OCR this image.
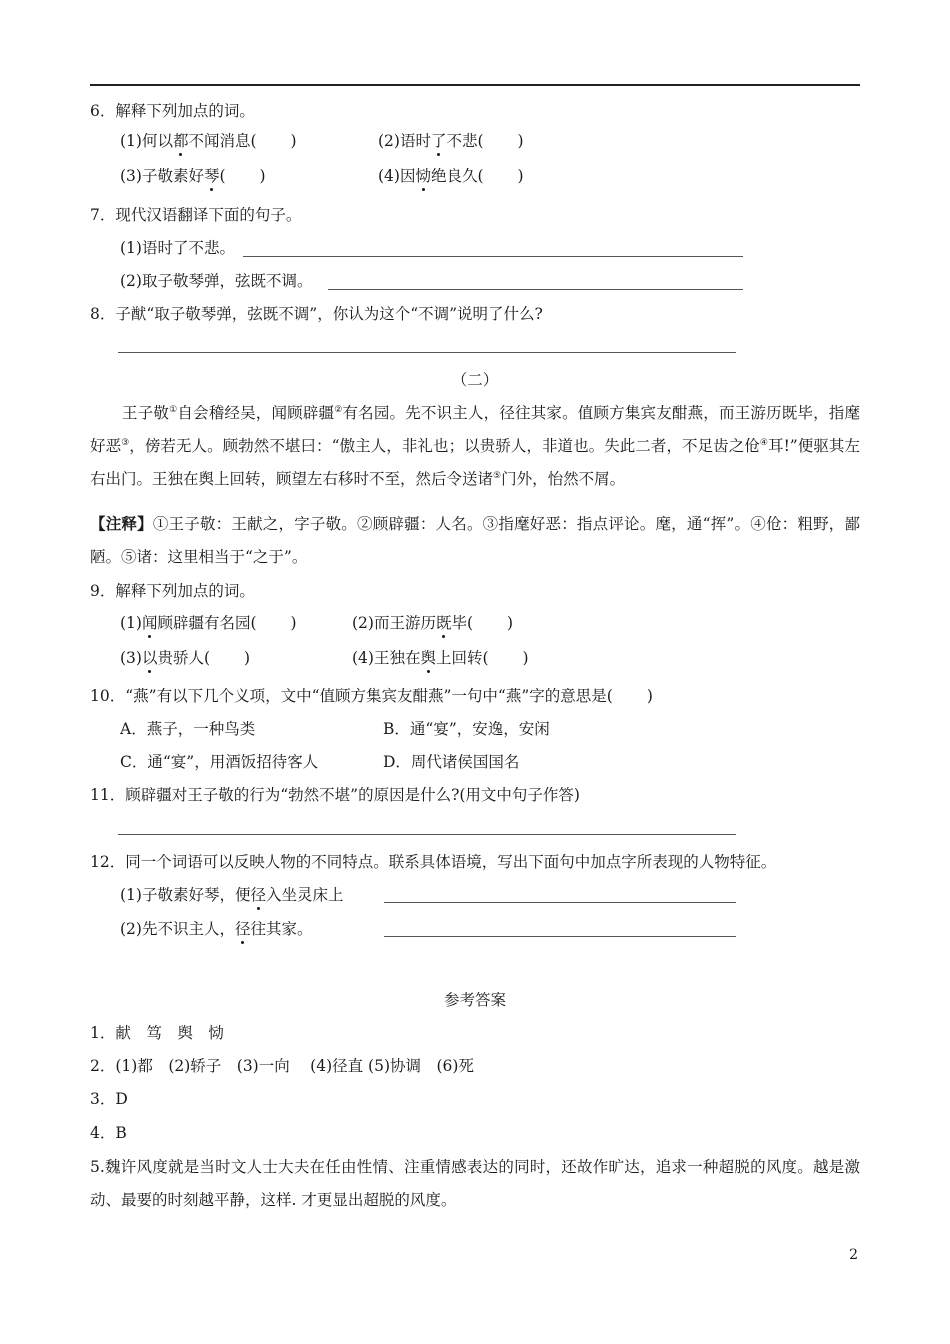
6．解释下列加点的词。
(1)何以都不闻消息( )	(2)语时了不悲( )
(3)子敬素好琴( )	(4)因恸绝良久( )
7．现代汉语翻译下面的句子。
(1)语时了不悲。
(2)取子敬琴弹，弦既不调。
8．子猷“取子敬琴弹，弦既不调”，你认为这个“不调”说明了什么?
（二）
王子敬①自会稽经吴，闻顾辟疆②有名园。先不识主人，径往其家。值顾方集宾友酣燕，而王游历既毕，指麾好恶③，傍若无人。顾勃然不堪曰：“傲主人，非礼也；以贵骄人，非道也。失此二者，不足齿之伧④耳!”便驱其左右出门。王独在舆上回转，顾望左右移时不至，然后令送诸⑤门外，怡然不屑。
【注释】①王子敬：王献之，字子敬。②顾辟疆：人名。③指麾好恶：指点评论。麾，通“挥”。④伧：粗野，鄙陋。⑤诸：这里相当于“之于”。
9．解释下列加点的词。
(1)闻顾辟疆有名园( )	(2)而王游历既毕( )
(3)以贵骄人( )	(4)王独在舆上回转( )
10．“燕”有以下几个义项，文中“值顾方集宾友酣燕”一句中“燕”字的意思是( )
A．燕子，一种鸟类	B．通“宴”，安逸，安闲
C．通“宴”，用酒饭招待客人	D．周代诸侯国国名
11．顾辟疆对王子敬的行为“勃然不堪”的原因是什么?(用文中句子作答)
12．同一个词语可以反映人物的不同特点。联系具体语境，写出下面句中加点字所表现的人物特征。
(1)子敬素好琴，便径入坐灵床上
(2)先不识主人，径往其家。
参考答案
1．献　笃　舆　恸
2．(1)都　(2)轿子　(3)一向　 (4)径直 (5)协调　(6)死
3．D
4．B
5.魏许风度就是当时文人士大夫在任由性情、注重情感表达的同时，还故作旷达，追求一种超脱的风度。越是激动、最要的时刻越平静，这样. 才更显出超脱的风度。
2
